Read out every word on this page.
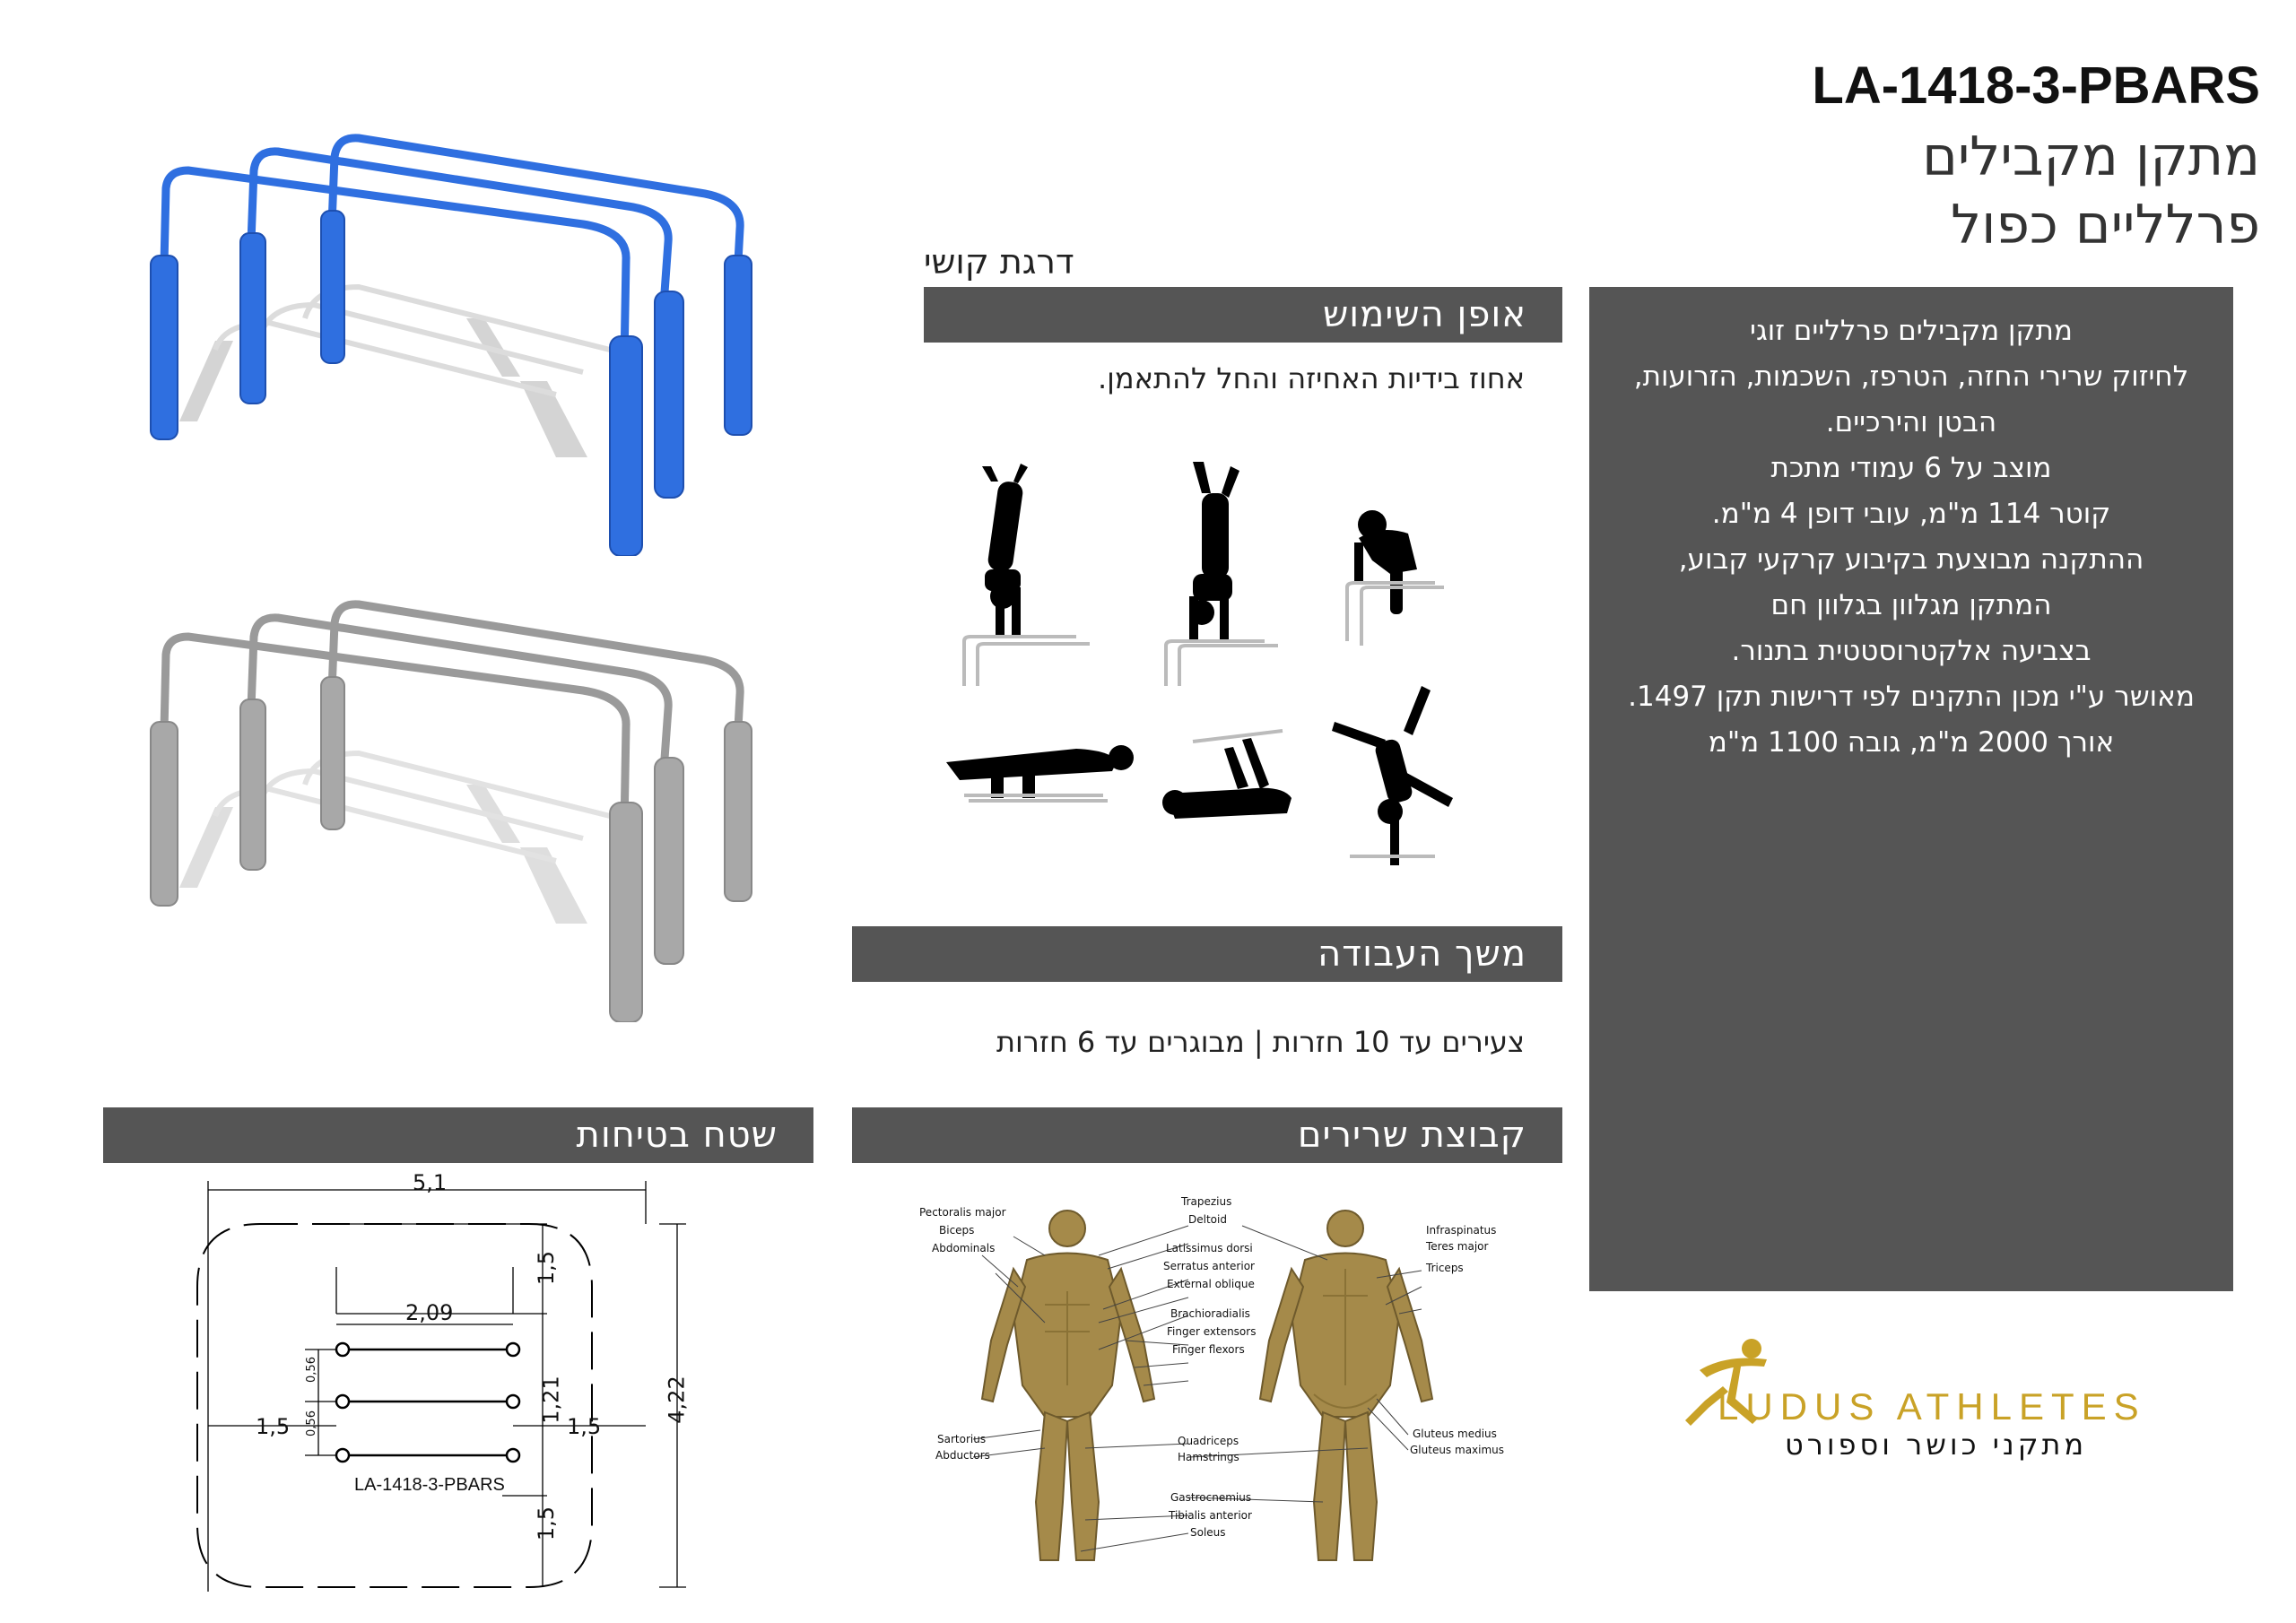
LA-1418-3-PBARS
מתקן מקבילים
פרלליים כפול
דרגת קושי
אופן השימוש
אחוז בידיות האחיזה והחל להתאמן.
משך העבודה
צעירים עד 10 חזרות | מבוגרים עד 6 חזרות
קבוצת שרירים
Pectoralis major
Biceps
Abdominals
Sartorius
Abductors
Trapezius
Deltoid
Latissimus dorsi
Serratus anterior
External oblique
Brachioradialis
Finger extensors
Finger flexors
Quadriceps
Hamstrings
Gastrocnemius
Tibialis anterior
Soleus
Infraspinatus
Teres major
Triceps
Gluteus medius
Gluteus maximus
שטח בטיחות
5,1
1,5
2,09
0,56
0,56	1,21
1,5	1,5
4,22
1,5
LA-1418-3-PBARS
מתקן מקבילים פרלליים זוגי
לחיזוק שרירי החזה, הטרפז, השכמות, הזרועות,
הבטן והירכיים.
מוצב על 6 עמודי מתכת
קוטר 114 מ"מ, עובי דופן 4 מ"מ.
ההתקנה מבוצעת בקיבוע קרקעי קבוע,
המתקן מגלוון בגלוון חם
בצביעה אלקטרוסטטית בתנור.
מאושר ע"י מכון התקנים לפי דרישות תקן 1497.
אורך 2000 מ"מ, גובה 1100 מ"מ
LUDUS ATHLETES
מתקני כושר וספורט
